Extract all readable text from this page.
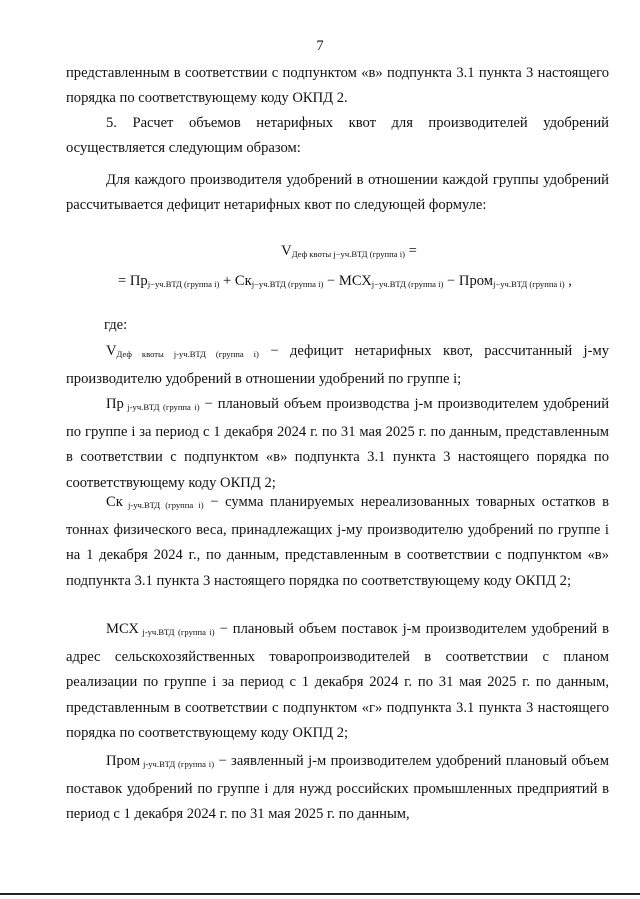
7
представленным в соответствии с подпунктом «в» подпункта 3.1 пункта 3 настоящего порядка по соответствующему коду ОКПД 2.
5. Расчет объемов нетарифных квот для производителей удобрений осуществляется следующим образом:
Для каждого производителя удобрений в отношении каждой группы удобрений рассчитывается дефицит нетарифных квот по следующей формуле:
$V_{Деф квоты j-уч.ВТД (группа i)}$ =
= $Пр_{j-уч.ВТД (группа i)} + Ск_{j-уч.ВТД (группа i)} - МСХ_{j-уч.ВТД (группа i)}$ − Пром$_{j-уч.ВТД (группа i)}$ ,
где:
$V_{Деф квоты j-уч.ВТД (группа i)}$ − дефицит нетарифных квот, рассчитанный j-му производителю удобрений в отношении удобрений по группе i;
Пр $_{j-уч.ВТД (группа i)}$ − плановый объем производства j-м производителем удобрений по группе i за период с 1 декабря 2024 г. по 31 мая 2025 г. по данным, представленным в соответствии с подпунктом «в» подпункта 3.1 пункта 3 настоящего порядка по соответствующему коду ОКПД 2;
Ск $_{j-уч.ВТД (группа i)}$ − сумма планируемых нереализованных товарных остатков в тоннах физического веса, принадлежащих j-му производителю удобрений по группе i на 1 декабря 2024 г., по данным, представленным в соответствии с подпунктом «в» подпункта 3.1 пункта 3 настоящего порядка по соответствующему коду ОКПД 2;
МСХ $_{j-уч.ВТД (группа i)}$ − плановый объем поставок j-м производителем удобрений в адрес сельскохозяйственных товаропроизводителей в соответствии с планом реализации по группе i за период с 1 декабря 2024 г. по 31 мая 2025 г. по данным, представленным в соответствии с подпунктом «г» подпункта 3.1 пункта 3 настоящего порядка по соответствующему коду ОКПД 2;
Пром $_{j-уч.ВТД (группа i)}$ − заявленный j-м производителем удобрений плановый объем поставок удобрений по группе i для нужд российских промышленных предприятий в период с 1 декабря 2024 г. по 31 мая 2025 г. по данным,
